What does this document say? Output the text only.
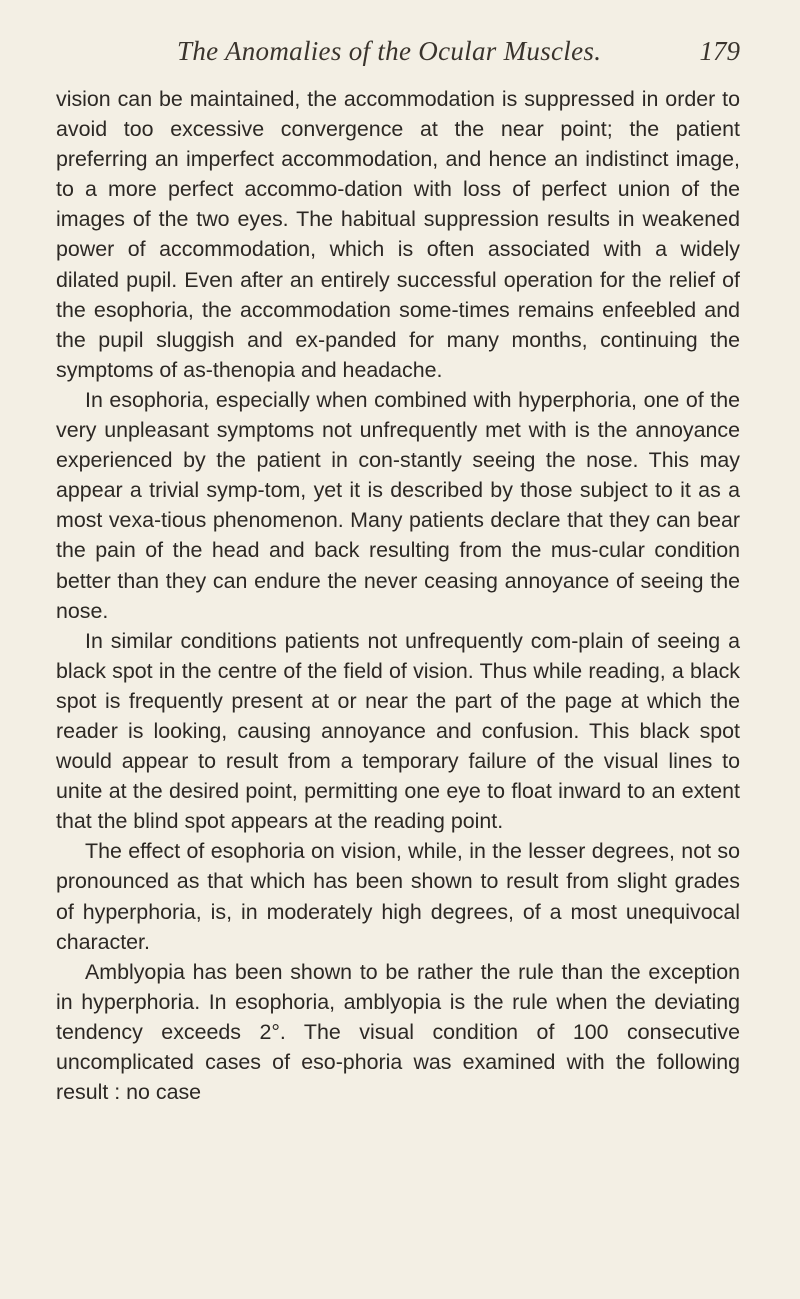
The Anomalies of the Ocular Muscles.	179

vision can be maintained, the accommodation is suppressed in order to avoid too excessive convergence at the near point; the patient preferring an imperfect accommodation, and hence an indistinct image, to a more perfect accommo-dation with loss of perfect union of the images of the two eyes. The habitual suppression results in weakened power of accommodation, which is often associated with a widely dilated pupil. Even after an entirely successful operation for the relief of the esophoria, the accommodation some-times remains enfeebled and the pupil sluggish and ex-panded for many months, continuing the symptoms of as-thenopia and headache.

In esophoria, especially when combined with hyperphoria, one of the very unpleasant symptoms not unfrequently met with is the annoyance experienced by the patient in con-stantly seeing the nose. This may appear a trivial symp-tom, yet it is described by those subject to it as a most vexa-tious phenomenon. Many patients declare that they can bear the pain of the head and back resulting from the mus-cular condition better than they can endure the never ceasing annoyance of seeing the nose.

In similar conditions patients not unfrequently com-plain of seeing a black spot in the centre of the field of vision. Thus while reading, a black spot is frequently present at or near the part of the page at which the reader is looking, causing annoyance and confusion. This black spot would appear to result from a temporary failure of the visual lines to unite at the desired point, permitting one eye to float inward to an extent that the blind spot appears at the reading point.

The effect of esophoria on vision, while, in the lesser degrees, not so pronounced as that which has been shown to result from slight grades of hyperphoria, is, in moderately high degrees, of a most unequivocal character.

Amblyopia has been shown to be rather the rule than the exception in hyperphoria. In esophoria, amblyopia is the rule when the deviating tendency exceeds 2°. The visual condition of 100 consecutive uncomplicated cases of eso-phoria was examined with the following result : no case
